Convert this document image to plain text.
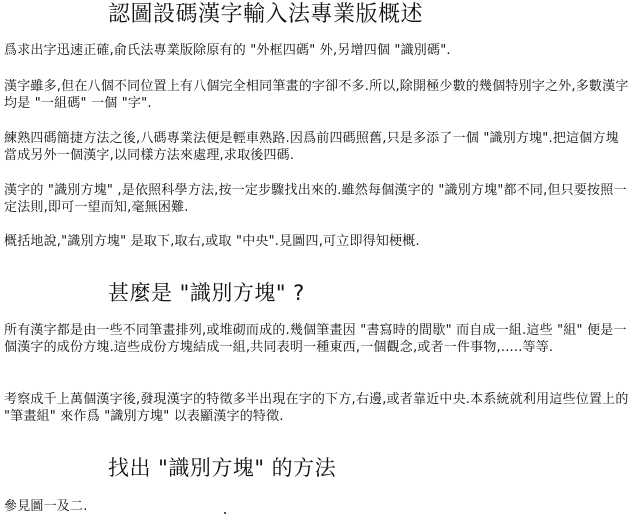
認圖設碼漢字輸入法專業版概述

爲求出字迅速正確,俞氏法專業版除原有的 "外框四碼" 外,另增四個 "識別碼".

漢字雖多,但在八個不同位置上有八個完全相同筆畫的字卻不多.所以,除開極少數的幾個特別字之外,多數漢字均是 "一組碼" 一個 "字".

練熟四碼簡捷方法之後,八碼專業法便是輕車熟路.因爲前四碼照舊,只是多添了一個 "識別方塊".把這個方塊當成另外一個漢字,以同樣方法來處理,求取後四碼.

漢字的 "識別方塊" ,是依照科學方法,按一定步驟找出來的.雖然每個漢字的 "識別方塊"都不同,但只要按照一定法則,即可一望而知,毫無困難.

概括地說,"識別方塊" 是取下,取右,或取 "中央".見圖四,可立即得知梗概.

甚麼是 "識別方塊" ?

所有漢字都是由一些不同筆畫排列,或堆砌而成的.幾個筆畫因 "書寫時的間歇" 而自成一組.這些 "組" 便是一個漢字的成份方塊.這些成份方塊結成一組,共同表明一種東西,一個觀念,或者一件事物,.....等等.

考察成千上萬個漢字後,發現漢字的特徵多半出現在字的下方,右邊,或者靠近中央.本系統就利用這些位置上的 "筆畫組" 來作爲 "識別方塊" 以表顯漢字的特徵.

找出 "識別方塊" 的方法

參見圖一及二.
